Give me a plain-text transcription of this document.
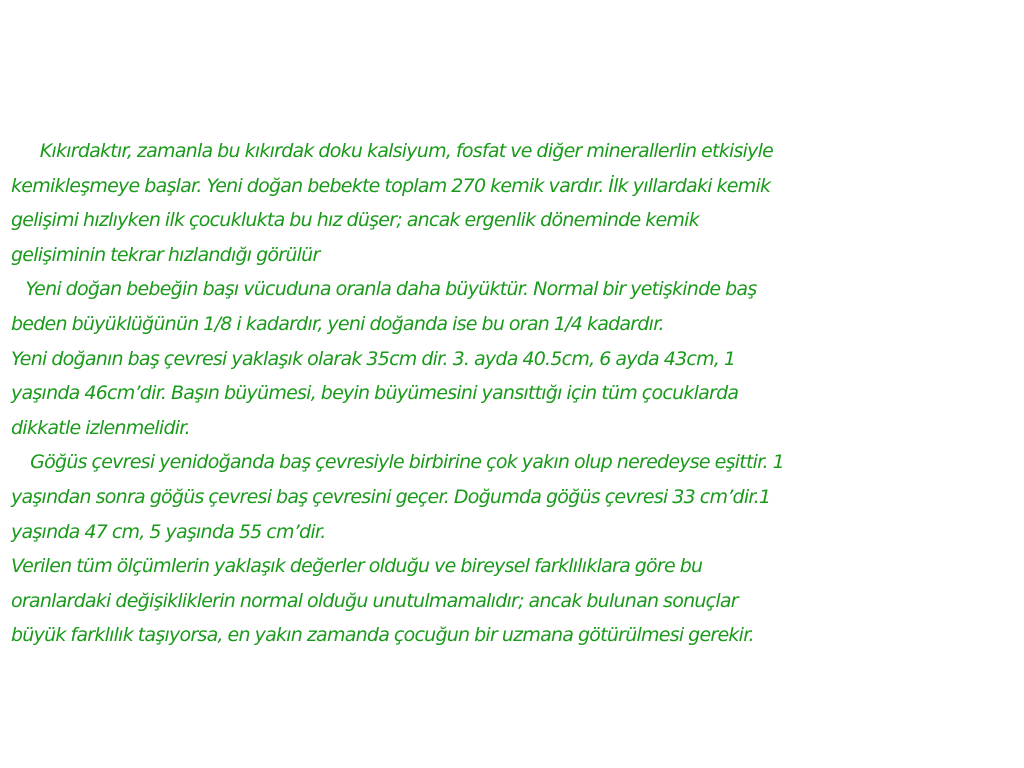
Kıkırdaktır, zamanla bu kıkırdak doku kalsiyum, fosfat ve diğer minerallerlin etkisiyle
kemikleşmeye başlar. Yeni doğan bebekte toplam 270 kemik vardır. İlk yıllardaki kemik
gelişimi hızlıyken ilk çocuklukta bu hız düşer; ancak ergenlik döneminde kemik
gelişiminin tekrar hızlandığı görülür
Yeni doğan bebeğin başı vücuduna oranla daha büyüktür. Normal bir yetişkinde baş
beden büyüklüğünün 1/8 i kadardır, yeni doğanda ise bu oran 1/4 kadardır.
Yeni doğanın baş çevresi yaklaşık olarak 35cm dir. 3. ayda 40.5cm, 6 ayda 43cm, 1
yaşında 46cm’dir. Başın büyümesi, beyin büyümesini yansıttığı için tüm çocuklarda
dikkatle izlenmelidir.
Göğüs çevresi yenidoğanda baş çevresiyle birbirine çok yakın olup neredeyse eşittir. 1
yaşından sonra göğüs çevresi baş çevresini geçer. Doğumda göğüs çevresi 33 cm’dir.1
yaşında 47 cm, 5 yaşında 55 cm’dir.
Verilen tüm ölçümlerin yaklaşık değerler olduğu ve bireysel farklılıklara göre bu
oranlardaki değişikliklerin normal olduğu unutulmamalıdır; ancak bulunan sonuçlar
büyük farklılık taşıyorsa, en yakın zamanda çocuğun bir uzmana götürülmesi gerekir.
